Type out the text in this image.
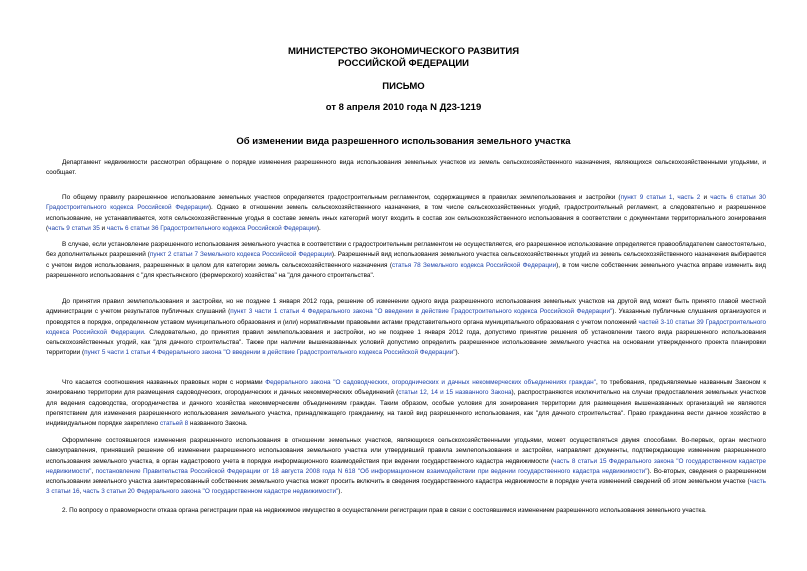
МИНИСТЕРСТВО ЭКОНОМИЧЕСКОГО РАЗВИТИЯ
РОССИЙСКОЙ ФЕДЕРАЦИИ
ПИСЬМО
от 8 апреля 2010 года N Д23-1219
Об изменении вида разрешенного использования земельного участка

Департамент недвижимости рассмотрел обращение о порядке изменения разрешенного вида использования земельных участков из земель сельскохозяйственного назначения, являющихся сельскохозяйственными угодьями, и сообщает.

По общему правилу разрешенное использование земельных участков определяется градостроительным регламентом, содержащимся в правилах землепользования и застройки (пункт 9 статьи 1, часть 2 и часть 6 статьи 30 Градостроительного кодекса Российской Федерации). Однако в отношении земель сельскохозяйственного назначения, в том числе сельскохозяйственных угодий, градостроительный регламент, а следовательно и разрешенное использование, не устанавливается, хотя сельскохозяйственные угодья в составе земель иных категорий могут входить в состав зон сельскохозяйственного использования в соответствии с документами территориального зонирования (часть 9 статьи 35 и часть 6 статьи 36 Градостроительного кодекса Российской Федерации).

В случае, если установление разрешенного использования земельного участка в соответствии с градостроительным регламентом не осуществляется, его разрешенное использование определяется правообладателем самостоятельно, без дополнительных разрешений (пункт 2 статьи 7 Земельного кодекса Российской Федерации). Разрешенный вид использования земельного участка сельскохозяйственных угодий из земель сельскохозяйственного назначения выбирается с учетом видов использования, разрешенных в целом для категории земель сельскохозяйственного назначения (статья 78 Земельного кодекса Российской Федерации), в том числе собственник земельного участка вправе изменить вид разрешенного использования с "для крестьянского (фермерского) хозяйства" на "для дачного строительства".

До принятия правил землепользования и застройки, но не позднее 1 января 2012 года, решение об изменении одного вида разрешенного использования земельных участков на другой вид может быть принято главой местной администрации с учетом результатов публичных слушаний (пункт 3 части 1 статьи 4 Федерального закона "О введении в действие Градостроительного кодекса Российской Федерации"). Указанные публичные слушания организуются и проводятся в порядке, определенном уставом муниципального образования и (или) нормативными правовыми актами представительного органа муниципального образования с учетом положений частей 3-10 статьи 39 Градостроительного кодекса Российской Федерации. Следовательно, до принятия правил землепользования и застройки, но не позднее 1 января 2012 года, допустимо принятие решения об установлении такого вида разрешенного использования сельскохозяйственных угодий, как "для дачного строительства". Также при наличии вышеназванных условий допустимо определить разрешенное использование земельного участка на основании утвержденного проекта планировки территории (пункт 5 части 1 статьи 4 Федерального закона "О введении в действие Градостроительного кодекса Российской Федерации").

Что касается соотношения названных правовых норм с нормами Федерального закона "О садоводческих, огороднических и дачных некоммерческих объединениях граждан", то требования, предъявляемые названным Законом к зонированию территории для размещения садоводческих, огороднических и дачных некоммерческих объединений (статьи 12, 14 и 15 названного Закона), распространяются исключительно на случаи предоставления земельных участков для ведения садоводства, огородничества и дачного хозяйства некоммерческим объединениям граждан. Таким образом, особые условия для зонирования территории для размещения вышеназванных организаций не являются препятствием для изменения разрешенного использования земельного участка, принадлежащего гражданину, на такой вид разрешенного использования, как "для дачного строительства". Право гражданина вести дачное хозяйство в индивидуальном порядке закреплено статьей 8 названного Закона.

Оформление состоявшегося изменения разрешенного использования в отношении земельных участков, являющихся сельскохозяйственными угодьями, может осуществляться двумя способами. Во-первых, орган местного самоуправления, принявший решение об изменении разрешенного использования земельного участка или утвердивший правила землепользования и застройки, направляет документы, подтверждающие изменение разрешенного использования земельного участка, в орган кадастрового учета в порядке информационного взаимодействия при ведении государственного кадастра недвижимости (часть 8 статьи 15 Федерального закона "О государственном кадастре недвижимости", постановление Правительства Российской Федерации от 18 августа 2008 года N 618 "Об информационном взаимодействии при ведении государственного кадастра недвижимости"). Во-вторых, сведения о разрешенном использовании земельного участка заинтересованный собственник земельного участка может просить включить в сведения государственного кадастра недвижимости в порядке учета изменений сведений об этом земельном участке (часть 3 статьи 16, часть 3 статьи 20 Федерального закона "О государственном кадастре недвижимости").

2. По вопросу о правомерности отказа органа регистрации прав на недвижимое имущество в осуществлении регистрации прав в связи с состоявшимся изменением разрешенного использования земельного участка.
